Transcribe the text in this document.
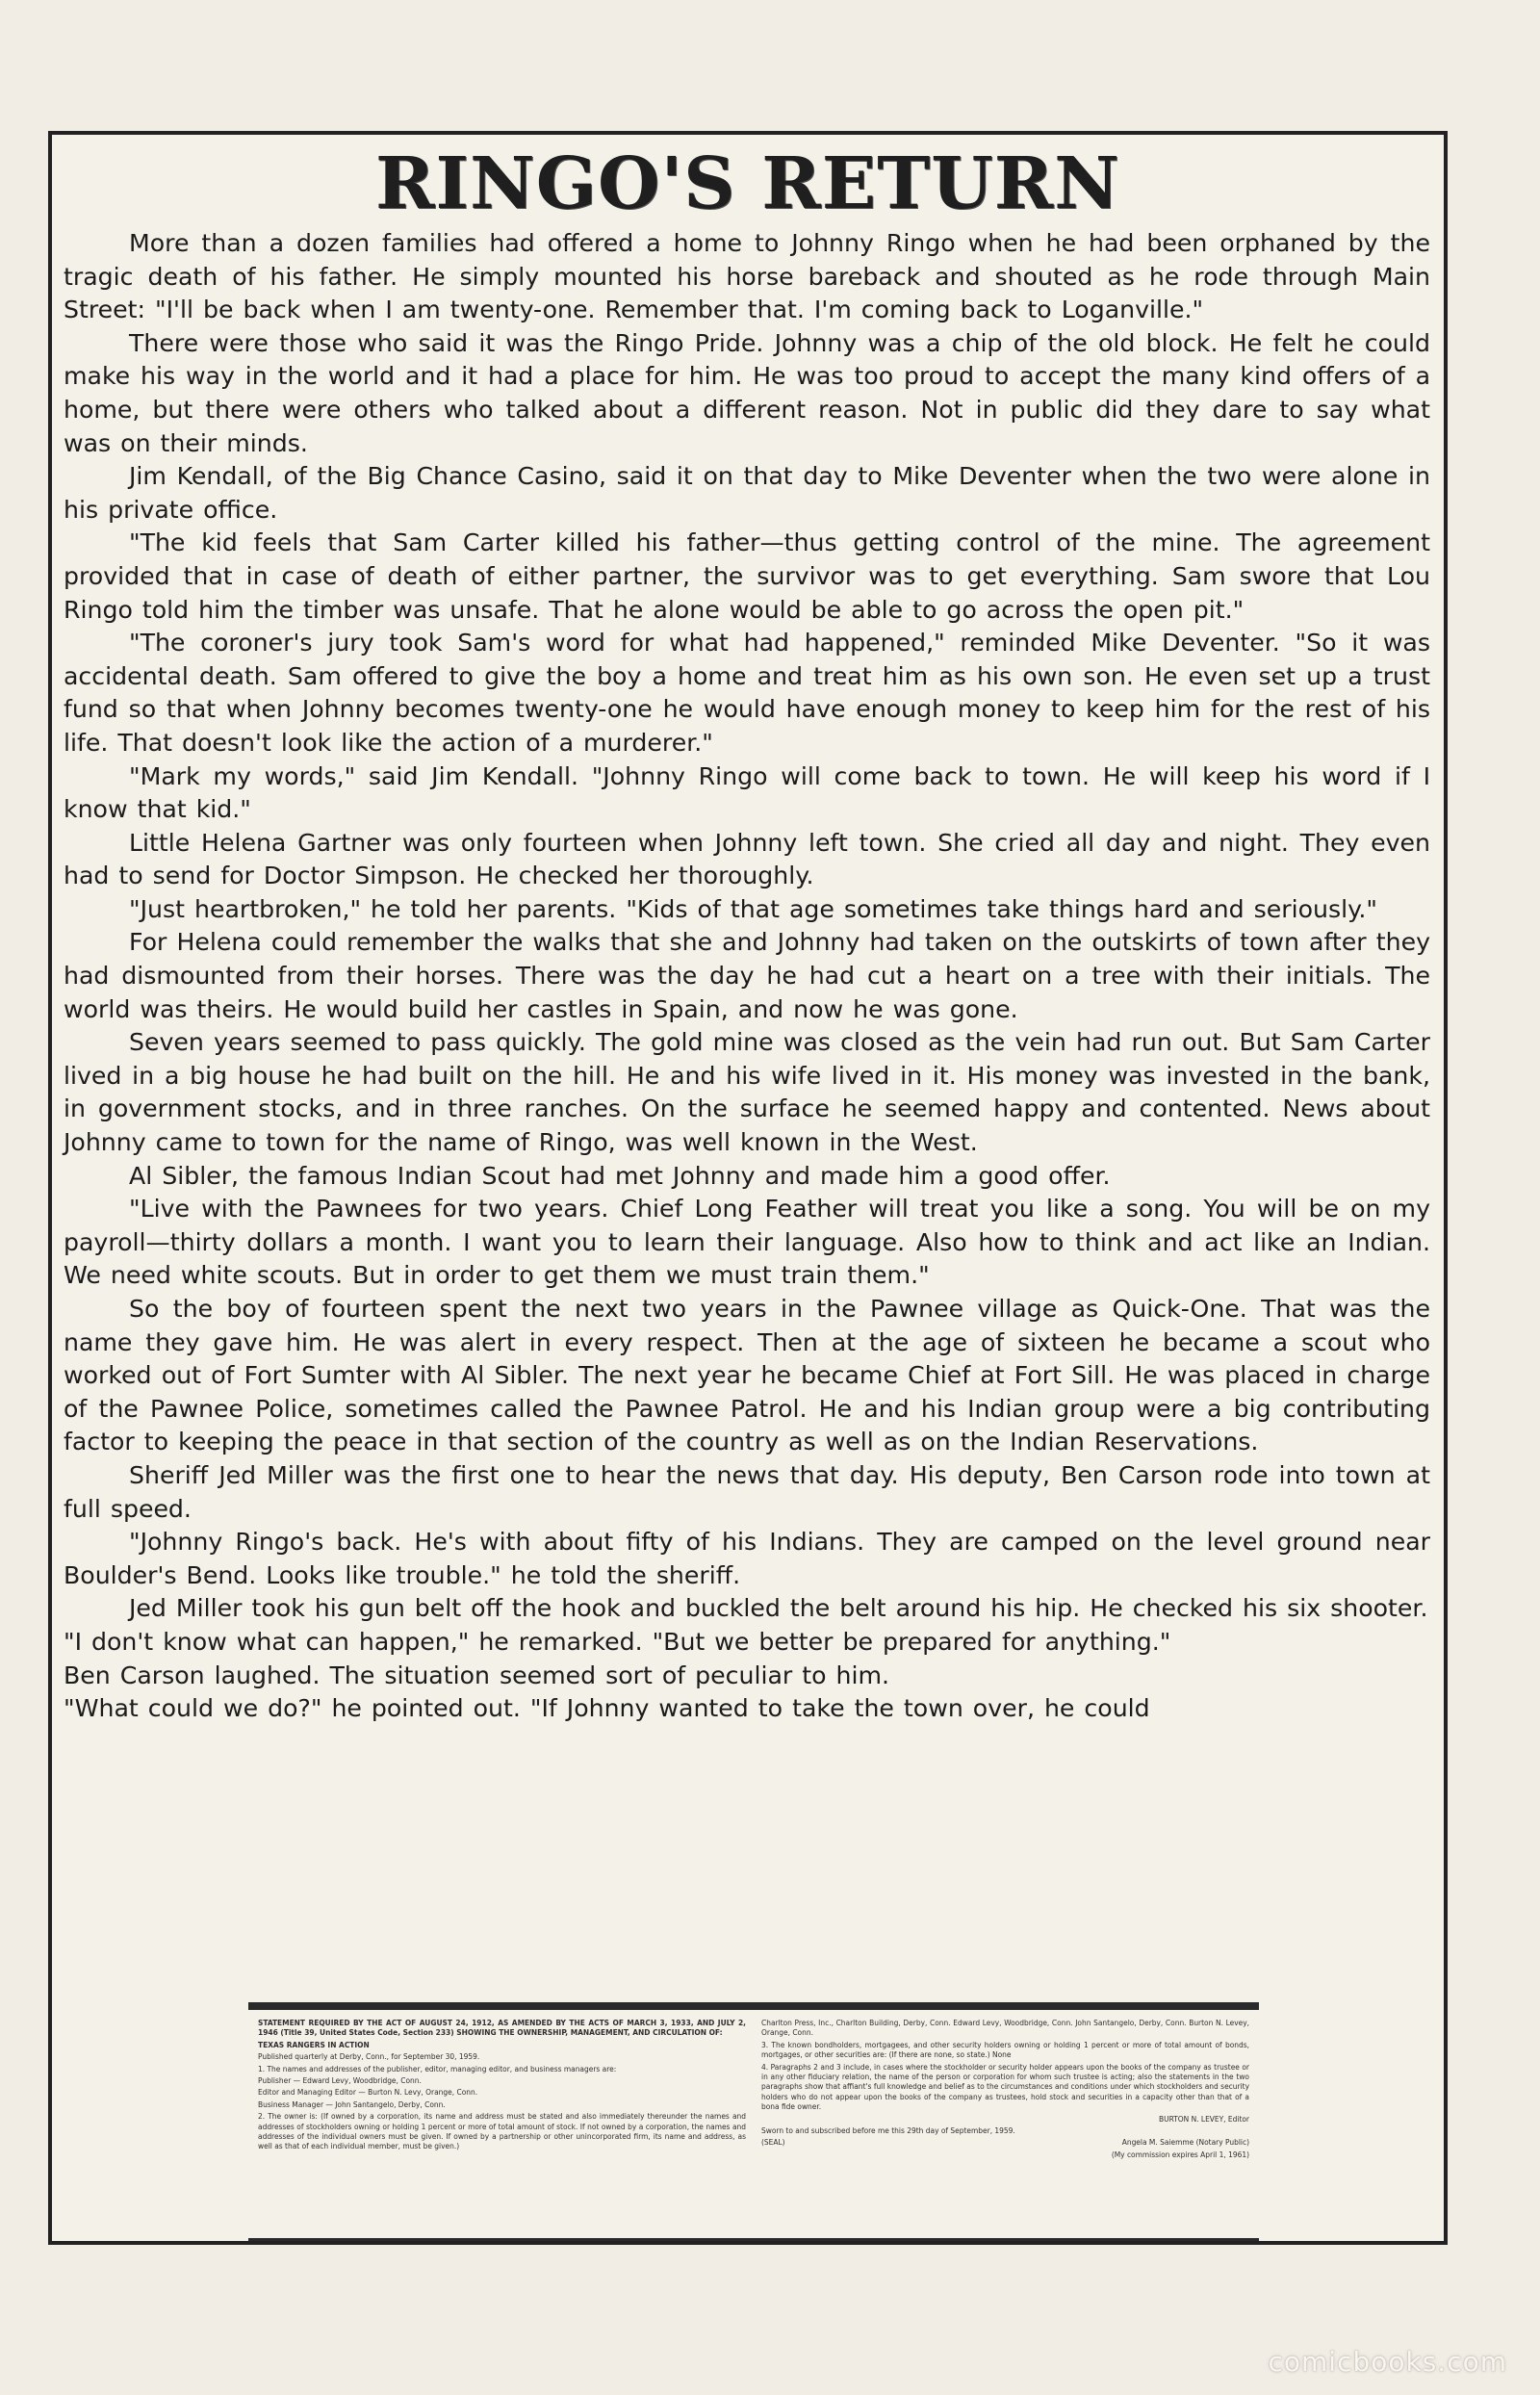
RINGO'S RETURN

More than a dozen families had offered a home to Johnny Ringo when he had been orphaned by the tragic death of his father. He simply mounted his horse bareback and shouted as he rode through Main Street: "I'll be back when I am twenty-one. Remember that. I'm coming back to Loganville."

There were those who said it was the Ringo Pride. Johnny was a chip of the old block. He felt he could make his way in the world and it had a place for him. He was too proud to accept the many kind offers of a home, but there were others who talked about a different reason. Not in public did they dare to say what was on their minds.

Jim Kendall, of the Big Chance Casino, said it on that day to Mike Deventer when the two were alone in his private office.

"The kid feels that Sam Carter killed his father—thus getting control of the mine. The agreement provided that in case of death of either partner, the survivor was to get everything. Sam swore that Lou Ringo told him the timber was unsafe. That he alone would be able to go across the open pit."

"The coroner's jury took Sam's word for what had happened," reminded Mike Deventer. "So it was accidental death. Sam offered to give the boy a home and treat him as his own son. He even set up a trust fund so that when Johnny becomes twenty-one he would have enough money to keep him for the rest of his life. That doesn't look like the action of a murderer."

"Mark my words," said Jim Kendall. "Johnny Ringo will come back to town. He will keep his word if I know that kid."

Little Helena Gartner was only fourteen when Johnny left town. She cried all day and night. They even had to send for Doctor Simpson. He checked her thoroughly.

"Just heartbroken," he told her parents. "Kids of that age sometimes take things hard and seriously."

For Helena could remember the walks that she and Johnny had taken on the outskirts of town after they had dismounted from their horses. There was the day he had cut a heart on a tree with their initials. The world was theirs. He would build her castles in Spain, and now he was gone.

Seven years seemed to pass quickly. The gold mine was closed as the vein had run out. But Sam Carter lived in a big house he had built on the hill. He and his wife lived in it. His money was invested in the bank, in government stocks, and in three ranches. On the surface he seemed happy and contented. News about Johnny came to town for the name of Ringo, was well known in the West.

Al Sibler, the famous Indian Scout had met Johnny and made him a good offer.

"Live with the Pawnees for two years. Chief Long Feather will treat you like a song. You will be on my payroll—thirty dollars a month. I want you to learn their language. Also how to think and act like an Indian. We need white scouts. But in order to get them we must train them."

So the boy of fourteen spent the next two years in the Pawnee village as Quick-One. That was the name they gave him. He was alert in every respect. Then at the age of sixteen he became a scout who worked out of Fort Sumter with Al Sibler. The next year he became Chief at Fort Sill. He was placed in charge of the Pawnee Police, sometimes called the Pawnee Patrol. He and his Indian group were a big contributing factor to keeping the peace in that section of the country as well as on the Indian Reservations.

Sheriff Jed Miller was the first one to hear the news that day. His deputy, Ben Carson rode into town at full speed.

"Johnny Ringo's back. He's with about fifty of his Indians. They are camped on the level ground near Boulder's Bend. Looks like trouble." he told the sheriff.

Jed Miller took his gun belt off the hook and buckled the belt around his hip. He checked his six shooter.

"I don't know what can happen," he remarked. "But we better be prepared for anything."

Ben Carson laughed. The situation seemed sort of peculiar to him.

"What could we do?" he pointed out. "If Johnny wanted to take the town over, he could

STATEMENT REQUIRED BY THE ACT OF AUGUST 24, 1912, AS AMENDED BY THE ACTS OF MARCH 3, 1933, AND JULY 2, 1946 (Title 39, United States Code, Section 233) SHOWING THE OWNERSHIP, MANAGEMENT, AND CIRCULATION OF:
TEXAS RANGERS IN ACTION
Published quarterly at Derby, Conn., for September 30, 1959.
1. The names and addresses of the publisher, editor, managing editor, and business managers are:
Publisher — Edward Levy, Woodbridge, Conn.
Editor and Managing Editor — Burton N. Levy, Orange, Conn.
Business Manager — John Santangelo, Derby, Conn.
2. The owner is: (If owned by a corporation, its name and address must be stated and also immediately thereunder the names and addresses of stockholders owning or holding 1 percent or more of total amount of stock. If not owned by a corporation, the names and addresses of the individual owners must be given. If owned by a partnership or other unincorporated firm, its name and address, as well as that of each individual member, must be given.)
Charlton Press, Inc., Charlton Building, Derby, Conn. Edward Levy, Woodbridge, Conn. John Santangelo, Derby, Conn. Burton N. Levey, Orange, Conn.
3. The known bondholders, mortgagees, and other security holders owning or holding 1 percent or more of total amount of bonds, mortgages, or other securities are: (If there are none, so state.) None
4. Paragraphs 2 and 3 include, in cases where the stockholder or security holder appears upon the books of the company as trustee or in any other fiduciary relation, the name of the person or corporation for whom such trustee is acting; also the statements in the two paragraphs show that affiant's full knowledge and belief as to the circumstances and conditions under which stockholders and security holders who do not appear upon the books of the company as trustees, hold stock and securities in a capacity other than that of a bona fide owner.
BURTON N. LEVEY, Editor
Sworn to and subscribed before me this 29th day of September, 1959.
(SEAL)	Angela M. Saiemme (Notary Public)
(My commission expires April 1, 1961)
comicbooks.com
